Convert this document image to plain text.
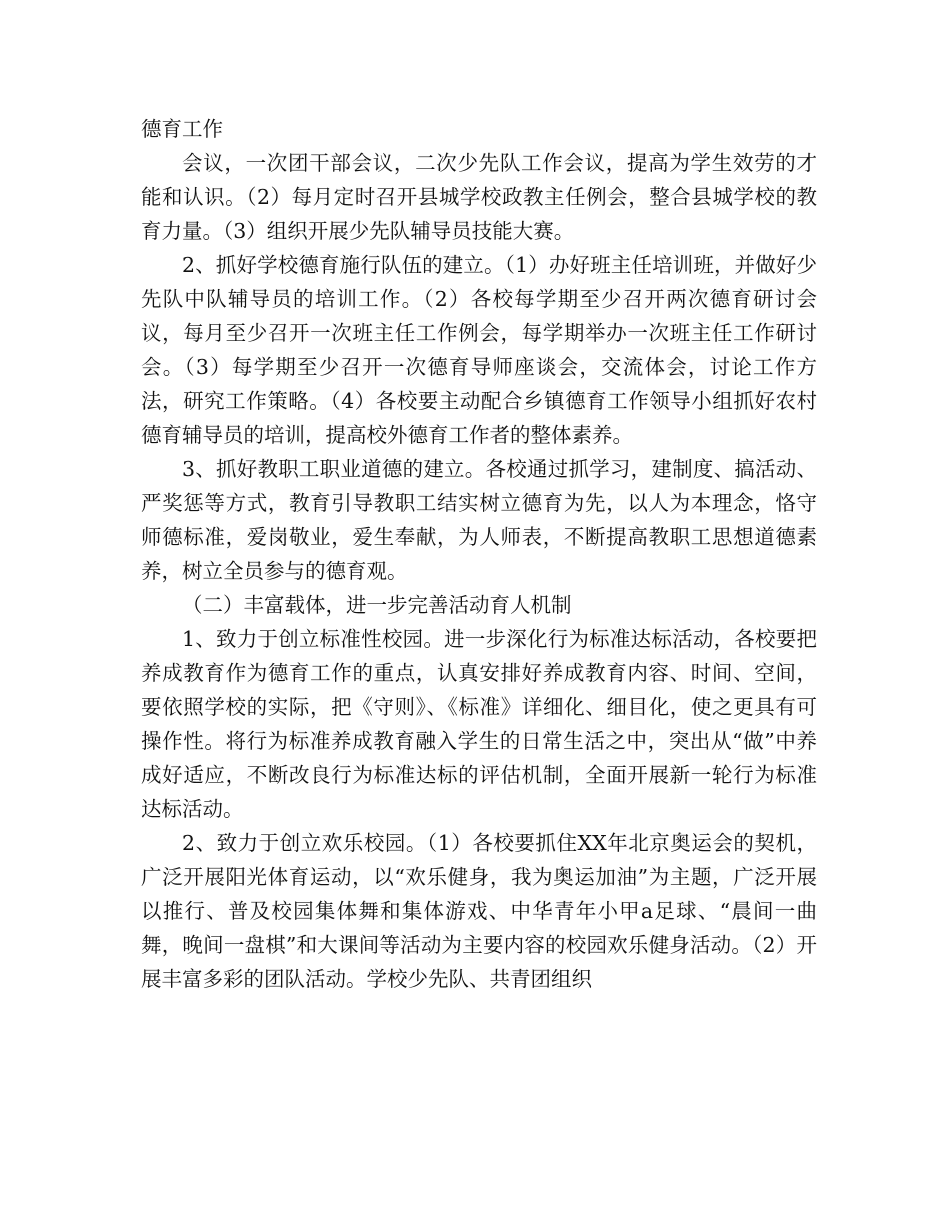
德育工作

会议，一次团干部会议，二次少先队工作会议，提高为学生效劳的才能和认识。（2）每月定时召开县城学校政教主任例会，整合县城学校的教育力量。（3）组织开展少先队辅导员技能大赛。

2、抓好学校德育施行队伍的建立。（1）办好班主任培训班，并做好少先队中队辅导员的培训工作。（2）各校每学期至少召开两次德育研讨会议，每月至少召开一次班主任工作例会，每学期举办一次班主任工作研讨会。（3）每学期至少召开一次德育导师座谈会，交流体会，讨论工作方法，研究工作策略。（4）各校要主动配合乡镇德育工作领导小组抓好农村德育辅导员的培训，提高校外德育工作者的整体素养。

3、抓好教职工职业道德的建立。各校通过抓学习，建制度、搞活动、严奖惩等方式，教育引导教职工结实树立德育为先，以人为本理念，恪守师德标准，爱岗敬业，爱生奉献，为人师表，不断提高教职工思想道德素养，树立全员参与的德育观。

（二）丰富载体，进一步完善活动育人机制

1、致力于创立标准性校园。进一步深化行为标准达标活动，各校要把养成教育作为德育工作的重点，认真安排好养成教育内容、时间、空间，要依照学校的实际，把《守则》、《标准》详细化、细目化，使之更具有可操作性。将行为标准养成教育融入学生的日常生活之中，突出从“做”中养成好适应，不断改良行为标准达标的评估机制，全面开展新一轮行为标准达标活动。

2、致力于创立欢乐校园。（1）各校要抓住XX年北京奥运会的契机，广泛开展阳光体育运动，以“欢乐健身，我为奥运加油”为主题，广泛开展以推行、普及校园集体舞和集体游戏、中华青年小甲a足球、“晨间一曲舞，晚间一盘棋”和大课间等活动为主要内容的校园欢乐健身活动。（2）开展丰富多彩的团队活动。学校少先队、共青团组织
